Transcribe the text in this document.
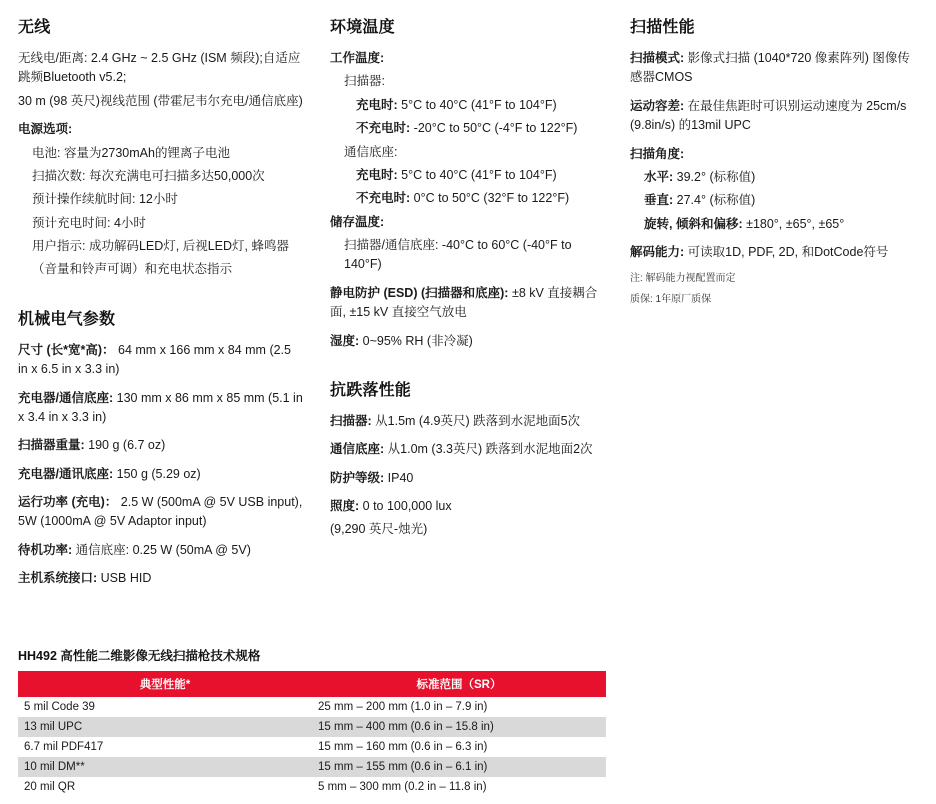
无线
无线电/距离: 2.4 GHz ~ 2.5 GHz (ISM 频段);自适应跳频Bluetooth v5.2;
30 m (98 英尺)视线范围 (带霍尼韦尔充电/通信底座)
电源选项:
电池: 容量为2730mAh的锂离子电池
扫描次数: 每次充满电可扫描多达50,000次
预计操作续航时间: 12小时
预计充电时间: 4小时
用户指示: 成功解码LED灯, 后视LED灯, 蜂鸣器
（音量和铃声可调）和充电状态指示
机械电气参数
尺寸 (长*宽*高)： 64 mm x 166 mm x 84 mm (2.5 in x 6.5 in x 3.3 in)
充电器/通信底座: 130 mm x 86 mm x 85 mm (5.1 in x 3.4 in x 3.3 in)
扫描器重量: 190 g (6.7 oz)
充电器/通讯底座: 150 g (5.29 oz)
运行功率 (充电)： 2.5 W (500mA @ 5V USB input), 5W (1000mA @ 5V Adaptor input)
待机功率: 通信底座: 0.25 W (50mA @ 5V)
主机系统接口: USB HID
环境温度
工作温度:
扫描器:
充电时: 5°C to 40°C (41°F to 104°F)
不充电时: -20°C to 50°C (-4°F to 122°F)
通信底座:
充电时: 5°C to 40°C (41°F to 104°F)
不充电时: 0°C to 50°C (32°F to 122°F)
储存温度:
扫描器/通信底座: -40°C to 60°C (-40°F to 140°F)
静电防护 (ESD) (扫描器和底座): ±8 kV 直接耦合面, ±15 kV 直接空气放电
湿度: 0~95% RH (非冷凝)
抗跌落性能
扫描器: 从1.5m (4.9英尺) 跌落到水泥地面5次
通信底座: 从1.0m (3.3英尺) 跌落到水泥地面2次
防护等级: IP40
照度: 0 to 100,000 lux
(9,290 英尺-烛光)
扫描性能
扫描模式: 影像式扫描 (1040*720 像素阵列) 图像传感器CMOS
运动容差: 在最佳焦距时可识别运动速度为 25cm/s (9.8in/s) 的13mil UPC
扫描角度:
水平: 39.2° (标称值)
垂直: 27.4° (标称值)
旋转, 倾斜和偏移: ±180°, ±65°, ±65°
解码能力: 可读取1D, PDF, 2D, 和DotCode符号
注: 解码能力视配置而定
质保: 1年原厂质保
HH492 高性能二维影像无线扫描枪技术规格
典型性能*	标准范围（SR）
5 mil Code 39	25 mm – 200 mm (1.0 in – 7.9 in)
13 mil UPC	15 mm – 400 mm (0.6 in – 15.8 in)
6.7 mil PDF417	15 mm – 160 mm (0.6 in – 6.3 in)
10 mil DM**	15 mm – 155 mm (0.6 in – 6.1 in)
20 mil QR	5 mm – 300 mm (0.2 in – 11.8 in)
